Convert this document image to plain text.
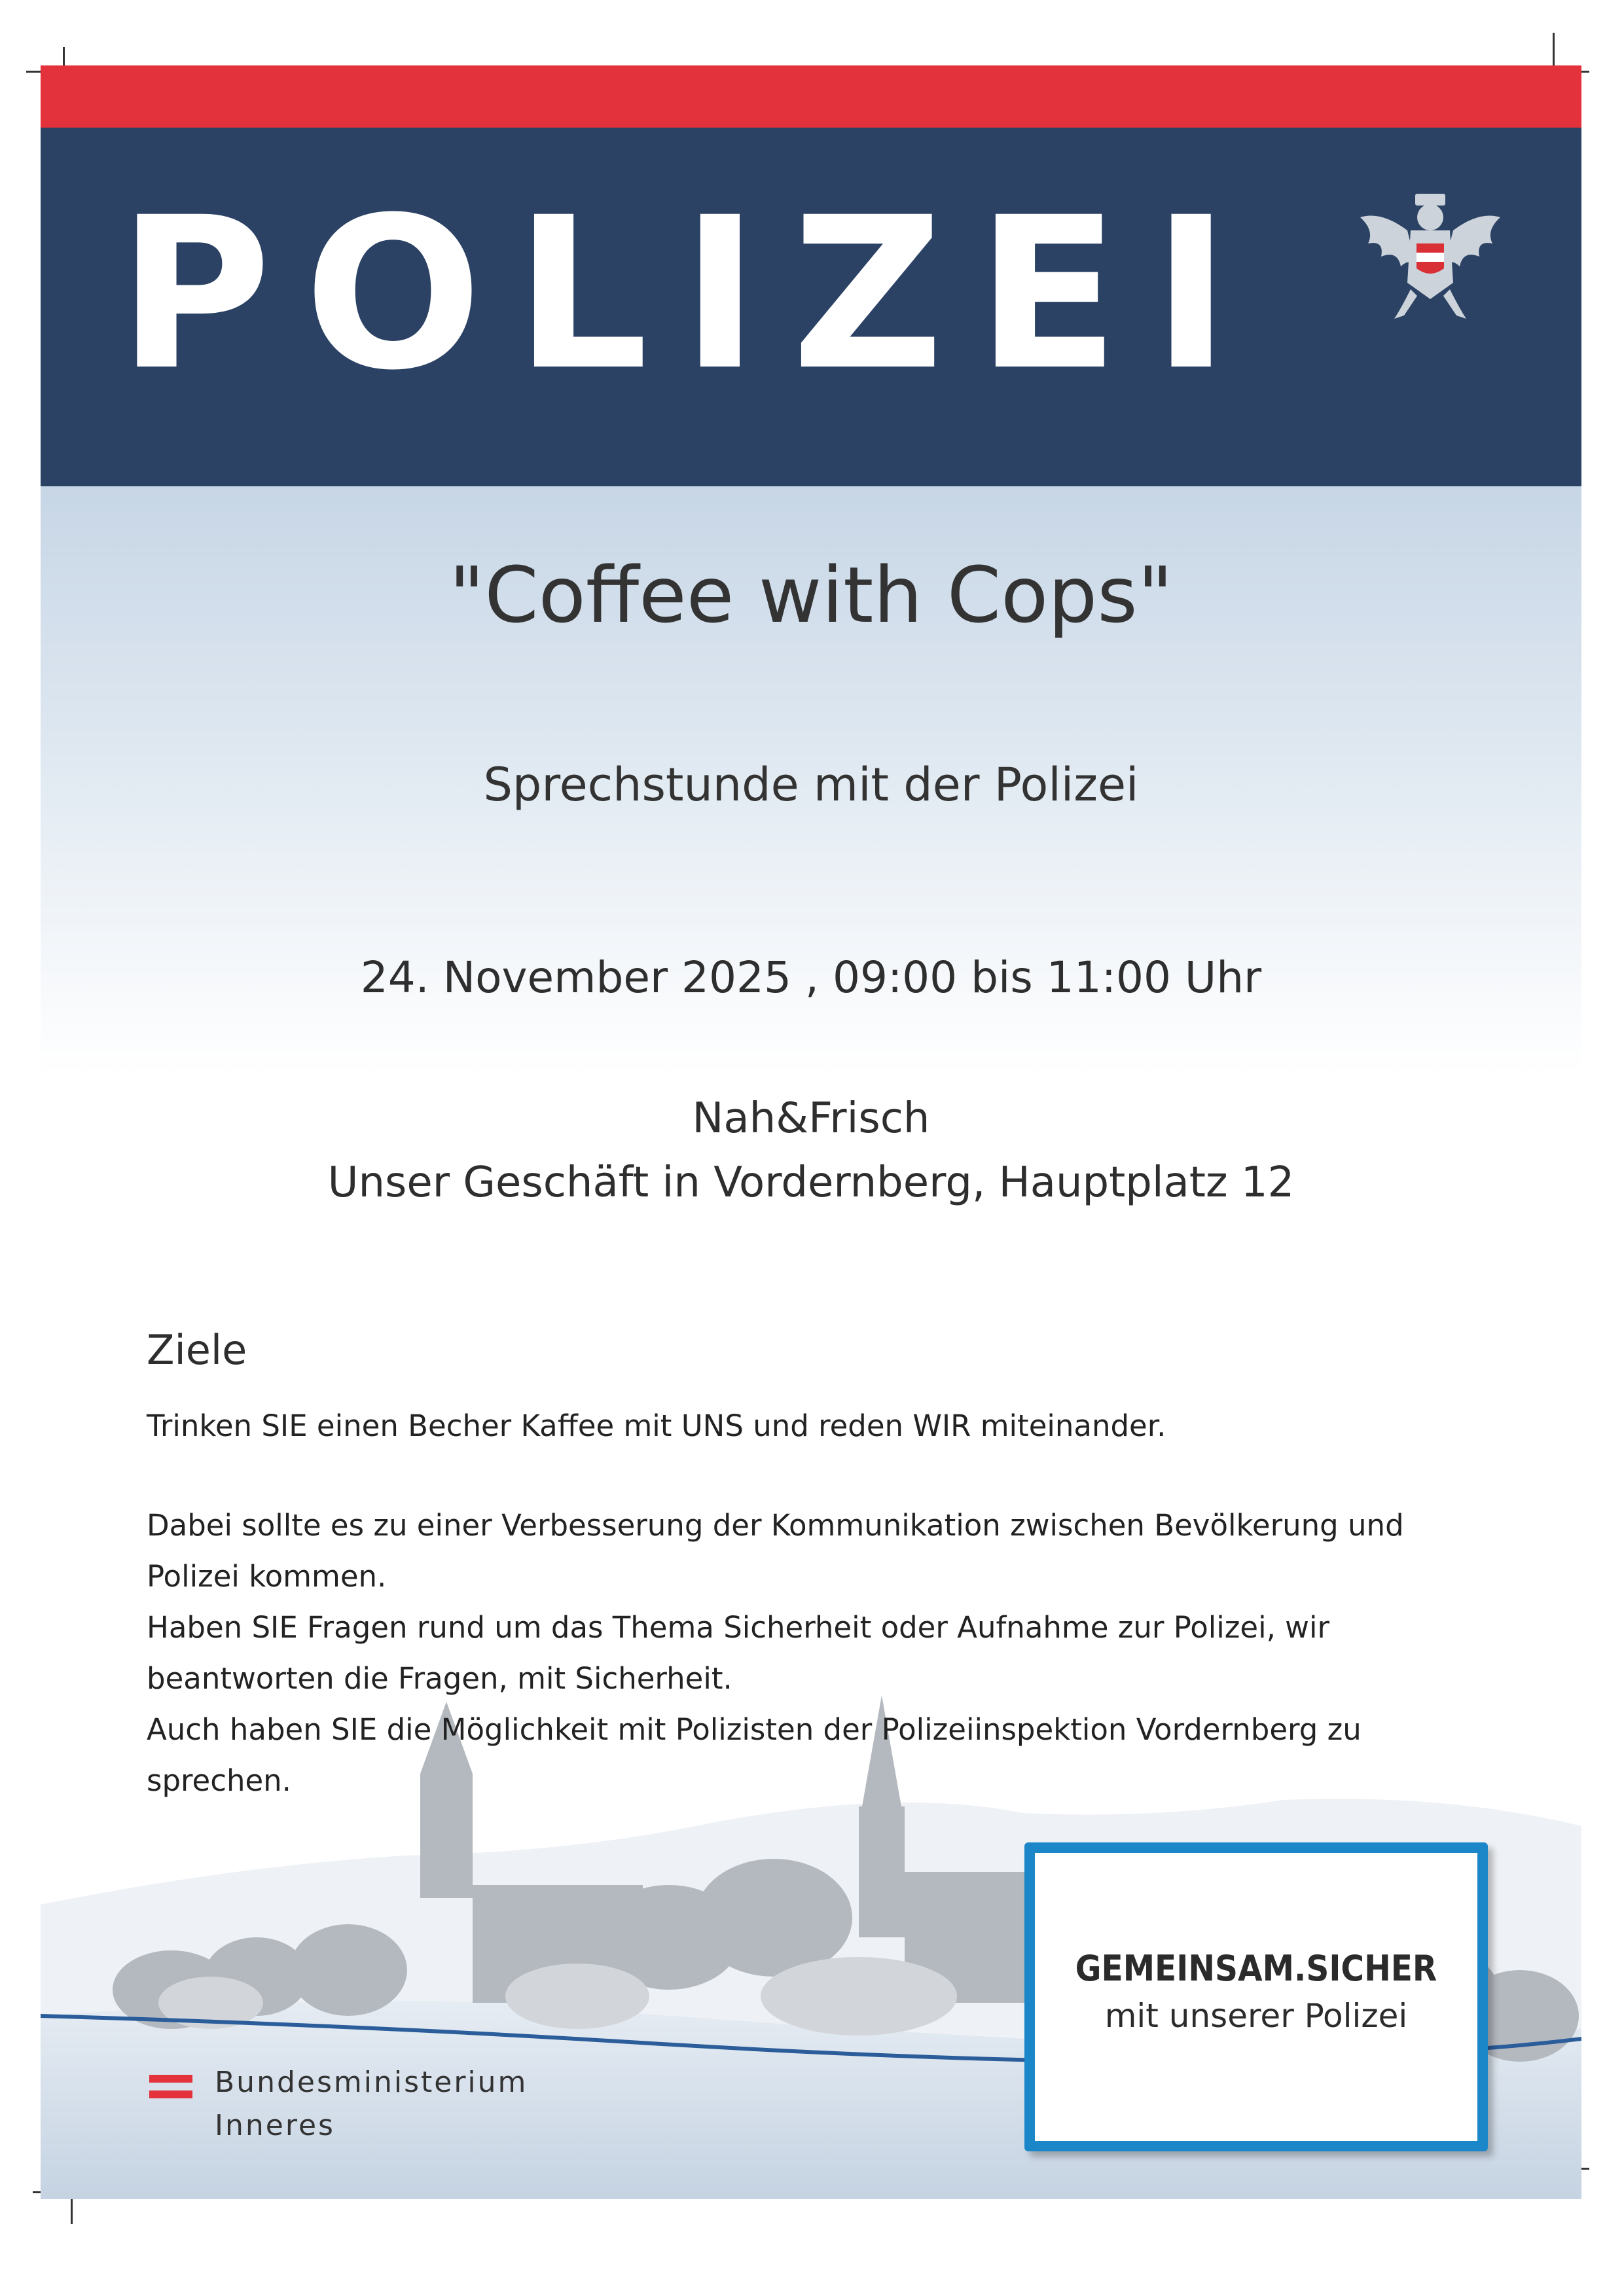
POLIZEI
"Coffee with Cops"
Sprechstunde mit der Polizei
24. November 2025 , 09:00 bis 11:00 Uhr
Nah&Frisch
Unser Geschäft in Vordernberg, Hauptplatz 12
GEMEINSAM.SICHER
mit unserer Polizei
Ziele
Trinken SIE einen Becher Kaffee mit UNS und reden WIR miteinander.
Dabei sollte es zu einer Verbesserung der Kommunikation zwischen Bevölkerung und
Polizei kommen.
Haben SIE Fragen rund um das Thema Sicherheit oder Aufnahme zur Polizei, wir
beantworten die Fragen, mit Sicherheit.
Auch haben SIE die Möglichkeit mit Polizisten der Polizeiinspektion Vordernberg zu
sprechen.
Bundesministerium
Inneres
